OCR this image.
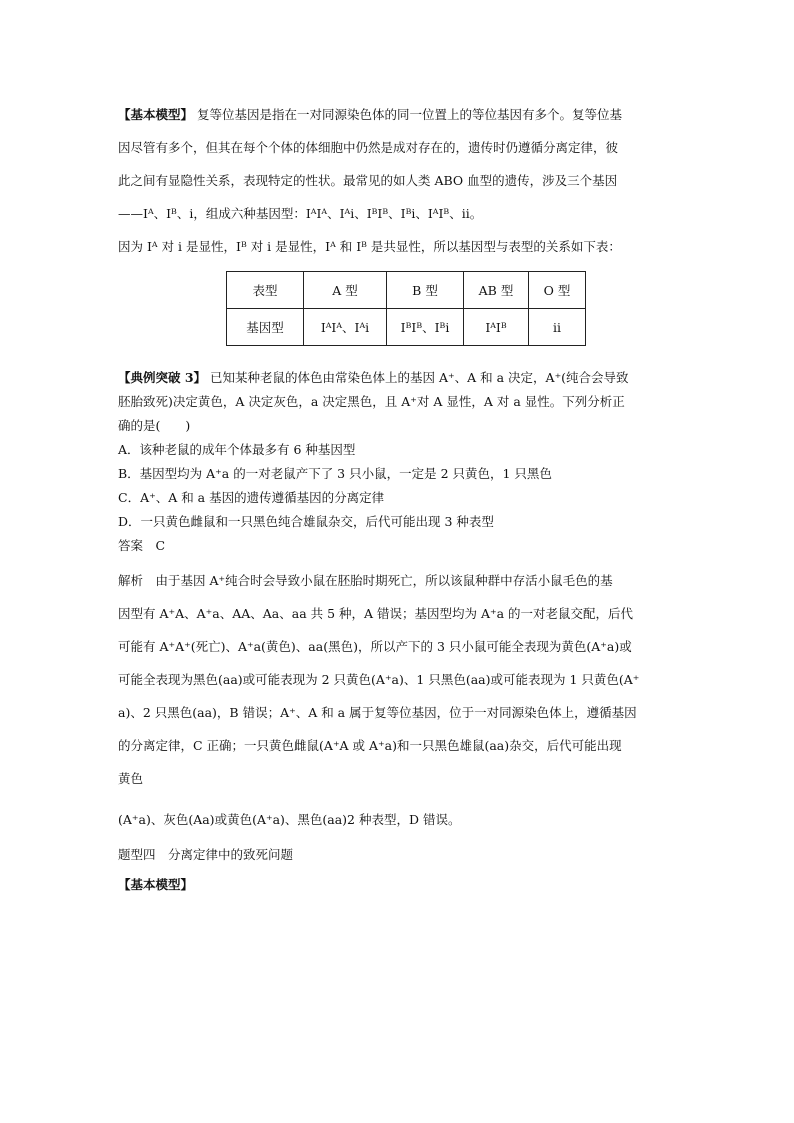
【基本模型】 复等位基因是指在一对同源染色体的同一位置上的等位基因有多个。复等位基
因尽管有多个，但其在每个个体的体细胞中仍然是成对存在的，遗传时仍遵循分离定律，彼
此之间有显隐性关系，表现特定的性状。最常见的如人类 ABO 血型的遗传，涉及三个基因
——Iᴬ、Iᴮ、i，组成六种基因型：IᴬIᴬ、Iᴬi、IᴮIᴮ、Iᴮi、IᴬIᴮ、ii。

因为 Iᴬ 对 i 是显性，Iᴮ 对 i 是显性，Iᴬ 和 Iᴮ 是共显性，所以基因型与表型的关系如下表：

表型	A 型	B 型	AB 型	O 型
基因型	IᴬIᴬ、Iᴬi	IᴮIᴮ、Iᴮi	IᴬIᴮ	ii

【典例突破 3】 已知某种老鼠的体色由常染色体上的基因 A⁺、A 和 a 决定，A⁺(纯合会导致

胚胎致死)决定黄色，A 决定灰色，a 决定黑色，且 A⁺对 A 显性，A 对 a 显性。下列分析正

确的是(　　)

A．该种老鼠的成年个体最多有 6 种基因型

B．基因型均为 A⁺a 的一对老鼠产下了 3 只小鼠，一定是 2 只黄色，1 只黑色

C．A⁺、A 和 a 基因的遗传遵循基因的分离定律

D．一只黄色雌鼠和一只黑色纯合雄鼠杂交，后代可能出现 3 种表型

答案　C

解析　由于基因 A⁺纯合时会导致小鼠在胚胎时期死亡，所以该鼠种群中存活小鼠毛色的基
因型有 A⁺A、A⁺a、AA、Aa、aa 共 5 种，A 错误；基因型均为 A⁺a 的一对老鼠交配，后代
可能有 A⁺A⁺(死亡)、A⁺a(黄色)、aa(黑色)，所以产下的 3 只小鼠可能全表现为黄色(A⁺a)或
可能全表现为黑色(aa)或可能表现为 2 只黄色(A⁺a)、1 只黑色(aa)或可能表现为 1 只黄色(A⁺
a)、2 只黑色(aa)，B 错误；A⁺、A 和 a 属于复等位基因，位于一对同源染色体上，遵循基因
的分离定律，C 正确；一只黄色雌鼠(A⁺A 或 A⁺a)和一只黑色雄鼠(aa)杂交，后代可能出现
黄色
(A⁺a)、灰色(Aa)或黄色(A⁺a)、黑色(aa)2 种表型，D 错误。
题型四　分离定律中的致死问题
【基本模型】
